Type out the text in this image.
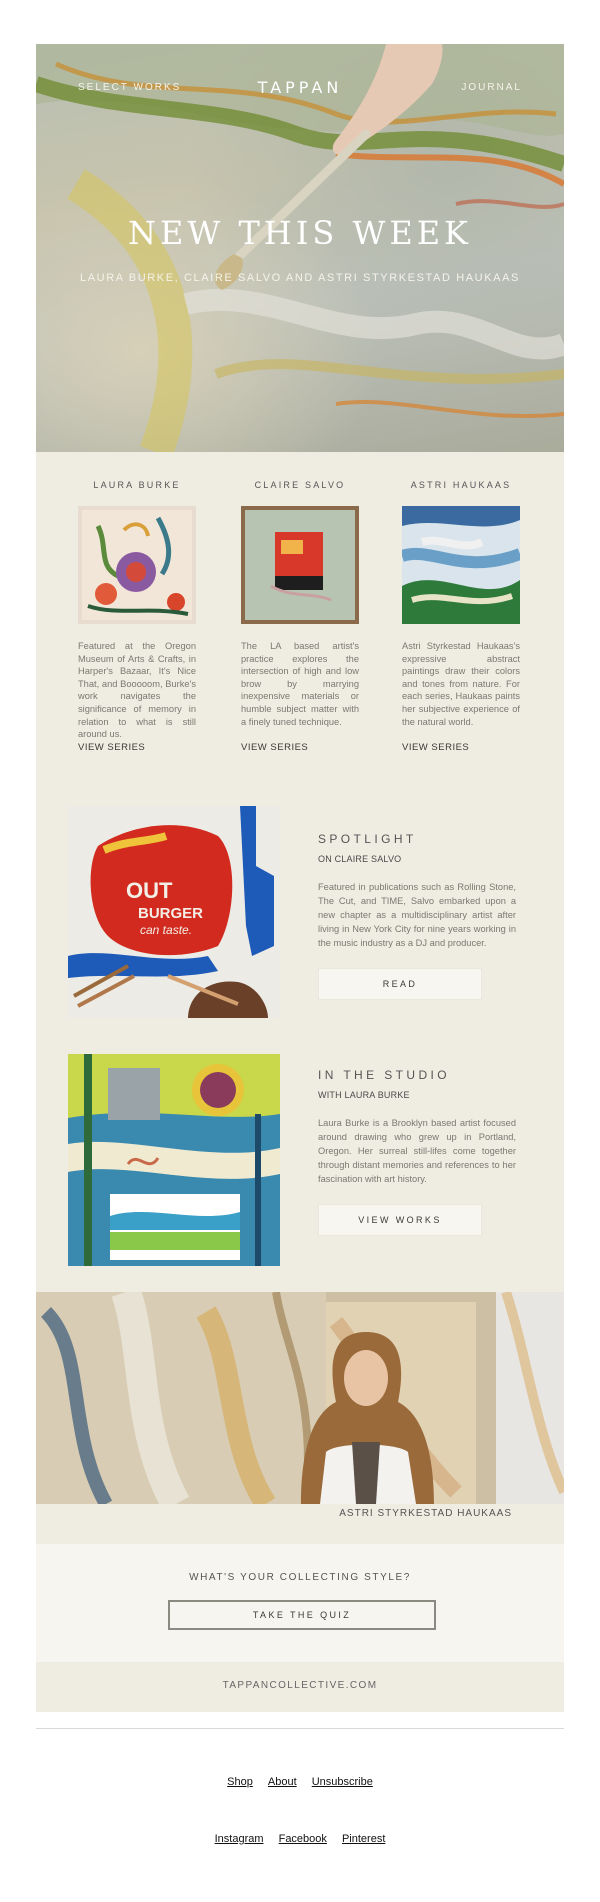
SELECT WORKS	TAPPAN	JOURNAL
NEW THIS WEEK
LAURA BURKE, CLAIRE SALVO AND ASTRI STYRKESTAD HAUKAAS
LAURA BURKE
Featured at the Oregon Museum of Arts & Crafts, in Harper's Bazaar, It's Nice That, and Booooom, Burke's work navigates the significance of memory in relation to what is still around us.
VIEW SERIES
CLAIRE SALVO
The LA based artist's practice explores the intersection of high and low brow by marrying inexpensive materials or humble subject matter with a finely tuned technique.
VIEW SERIES
ASTRI HAUKAAS
Astri Styrkestad Haukaas's expressive abstract paintings draw their colors and tones from nature. For each series, Haukaas paints her subjective experience of the natural world.
VIEW SERIES
OUT
BURGER
can taste.
SPOTLIGHT
ON CLAIRE SALVO
Featured in publications such as Rolling Stone, The Cut, and TIME, Salvo embarked upon a new chapter as a multidisciplinary artist after living in New York City for nine years working in the music industry as a DJ and producer.
READ
IN THE STUDIO
WITH LAURA BURKE
Laura Burke is a Brooklyn based artist focused around drawing who grew up in Portland, Oregon. Her surreal still-lifes come together through distant memories and references to her fascination with art history.
VIEW WORKS
ASTRI STYRKESTAD HAUKAAS
WHAT'S YOUR COLLECTING STYLE?
TAKE THE QUIZ
TAPPANCOLLECTIVE.COM
Shop About Unsubscribe
Instagram Facebook Pinterest
